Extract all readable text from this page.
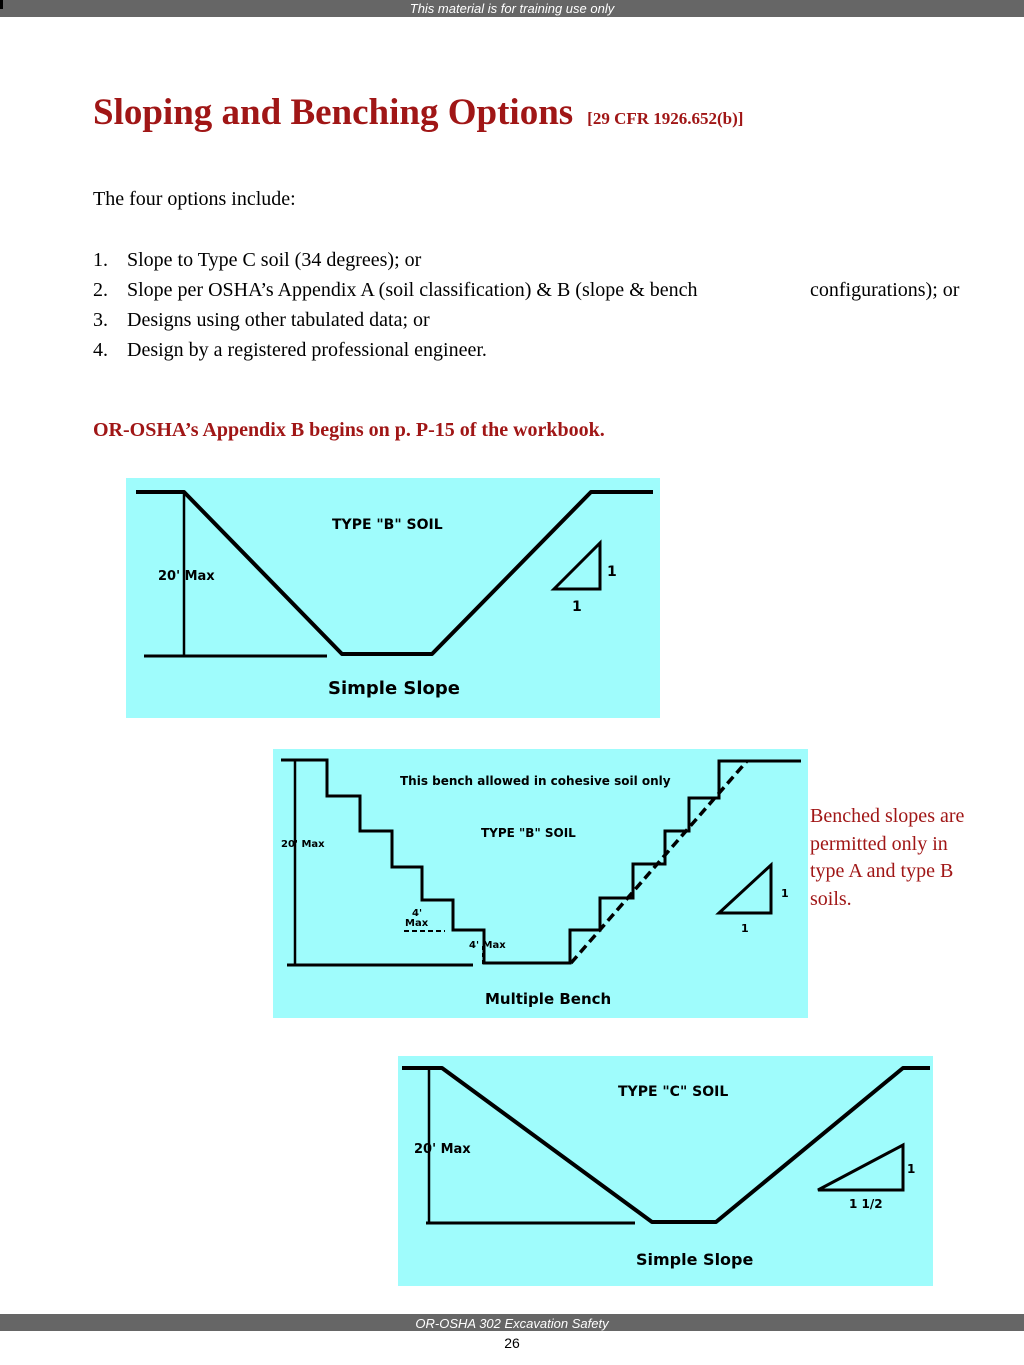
This material is for training use only
Sloping and Benching Options [29 CFR 1926.652(b)]

The four options include:

1. Slope to Type C soil (34 degrees); or
2. Slope per OSHA’s Appendix A (soil classification) & B (slope & bench	configurations); or
3. Designs using other tabulated data; or
4. Design by a registered professional engineer.

OR-OSHA’s Appendix B begins on p. P-15 of the workbook.

TYPE "B" SOIL
20' Max	1
1
Simple Slope
This bench allowed in cohesive soil only
TYPE "B" SOIL
20' Max
4'
Max
4' Max
1
1
Multiple Bench

Benched slopes are permitted only in type A and type B soils.

TYPE "C" SOIL
20' Max
1
1 1/2
Simple Slope
OR-OSHA 302 Excavation Safety
26
